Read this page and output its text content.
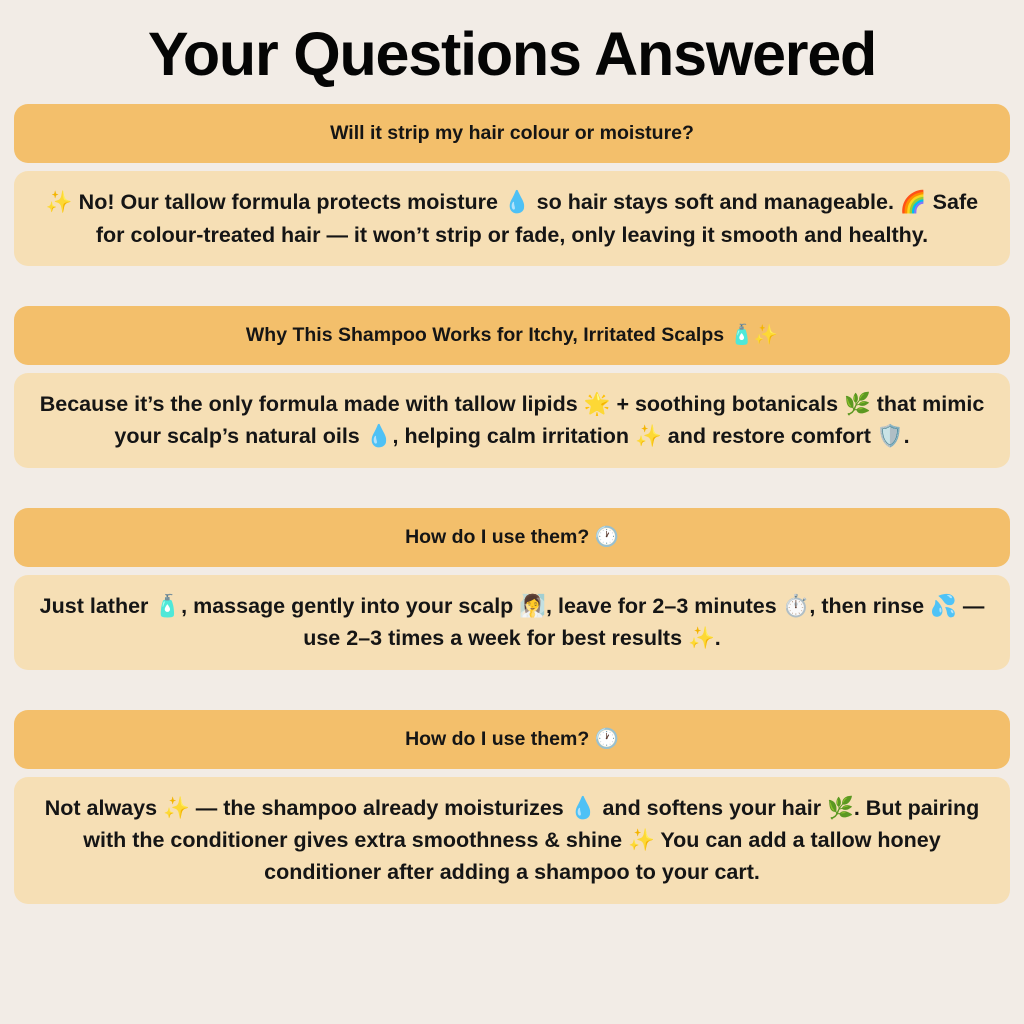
Your Questions Answered
Will it strip my hair colour or moisture?
✨ No! Our tallow formula protects moisture 💧 so hair stays soft and manageable. 🌈 Safe for colour-treated hair — it won’t strip or fade, only leaving it smooth and healthy.
Why This Shampoo Works for Itchy, Irritated Scalps 🧴✨
Because it’s the only formula made with tallow lipids 🌟 + soothing botanicals 🌿 that mimic your scalp’s natural oils 💧, helping calm irritation ✨ and restore comfort 🛡️.
How do I use them? 🕐
Just lather 🧴, massage gently into your scalp 🧖‍♀️, leave for 2–3 minutes ⏱️, then rinse 💦 — use 2–3 times a week for best results ✨.
How do I use them? 🕐
Not always ✨ — the shampoo already moisturizes 💧 and softens your hair 🌿. But pairing with the conditioner gives extra smoothness & shine ✨ You can add a tallow honey conditioner after adding a shampoo to your cart.
